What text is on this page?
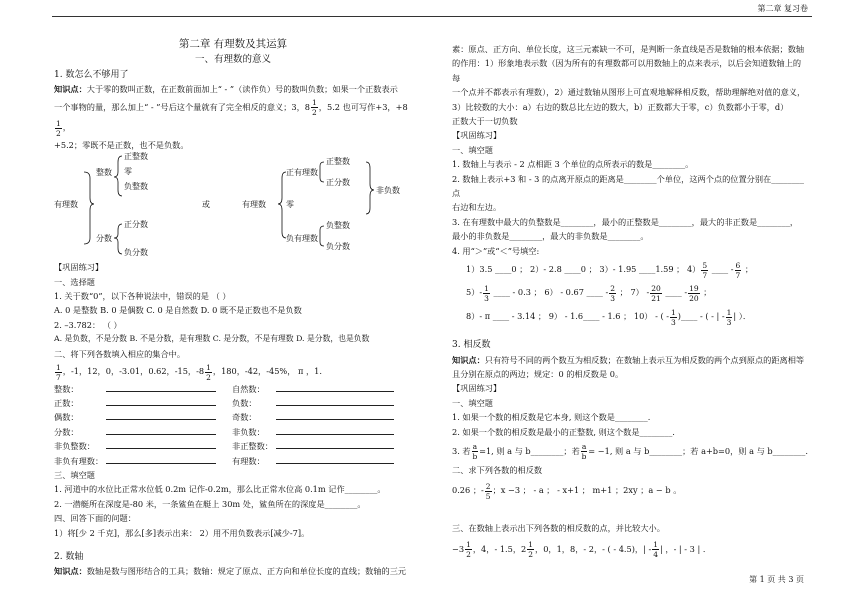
第二章 复习卷

第二章 有理数及其运算

一、有理数的意义

1. 数怎么不够用了

知识点：大于零的数叫正数，在正数前面加上“ - ”（读作负）号的数叫负数；如果一个正数表示

一个事物的量，那么加上“ - ”号后这个量就有了完全相反的意义；3，$8 \frac{1}{2}$ ，5.2 也可写作+3，+8
$\frac{1}{2}$ ，

+5.2；零既不是正数，也不是负数。

有理数
整数
正整数
零
负整数
分数
正分数
负分数
或	有理数
正有理数
零
负有理数
正整数
正分数
负整数
负分数
非负数

【巩固练习】

一、选择题

1. 关于数“0”，以下各种说法中，错误的是 （ ）

A. 0 是整数 B. 0 是偶数 C. 0 是自然数 D. 0 既不是正数也不是负数

2. –3.782： （ ）

A. 是负数，不是分数 B. 不是分数，是有理数 C. 是分数，不是有理数 D. 是分数，也是负数

二、将下列各数填入相应的集合中。

$\frac{1}{7}$ ，-1，12，0，-3.01，0.62，-15，$-8 \frac{1}{2}$ ，180，-42，-45%， π ，1.

整数：	自然数：
正数：	负数：
偶数：	奇数：
分数：	非负数：
非负整数：	非正整数：
非负有理数：	有理数：

三、填空题

1. 河道中的水位比正常水位低 0.2m 记作-0.2m，那么比正常水位高 0.1m 记作________。

2. 一潜艇所在深度是-80 米，一条鲨鱼在艇上 30m 处，鲨鱼所在的深度是________。

四、回答下面的问题：

1）将[少 2 千克]，那么[多]表示出来： 2）用不用负数表示[减少-7]。

2. 数轴

知识点：数轴是数与图形结合的工具；数轴：规定了原点、正方向和单位长度的直线；数轴的三元

素：原点、正方向、单位长度，这三元素缺一不可，是判断一条直线是否是数轴的根本依据；数轴

的作用：1）形象地表示数（因为所有的有理数都可以用数轴上的点来表示，以后会知道数轴上的每

一个点并不都表示有理数），2）通过数轴从图形上可直观地解释相反数，帮助理解绝对值的意义，

3）比较数的大小：a）右边的数总比左边的数大，b）正数都大于零，c）负数都小于零，d）

正数大于一切负数

【巩固练习】

一、填空题

1. 数轴上与表示 - 2 点相距 3 个单位的点所表示的数是________。

2. 数轴上表示+3 和 - 3 的点离开原点的距离是________个单位，这两个点的位置分别在________点

右边和左边。

3. 在有理数中最大的负整数是________，最小的正整数是________，最大的非正数是________，

最小的非负数是________，最大的非负数是________。

4. 用“＞”或“＜”号填空:

1）3.5 ____0 ； 2）- 2.8 ____0 ； 3）- 1.95 ____1.59 ； $4) \frac{5}{7}$ ____ - $\frac{6}{7}$ ；

$5)- \frac{1}{3}$ ____ - 0.3 ； 6） - 0.67 ____ - $\frac{2}{3}$ ； $7) - \frac{20}{21}$ ____ - $\frac{19}{20}$ ；

8）- π ____ - 3.14 ； 9） - 1.6____ - 1.6 ； 10） - ( - $\frac{1}{3}$ )____ - ( - | - $\frac{1}{3}$ | ）．

3. 相反数

知识点：只有符号不同的两个数互为相反数；在数轴上表示互为相反数的两个点到原点的距离相等

且分别在原点的两边；规定：0 的相反数是 0。

【巩固练习】

一、填空题

1. 如果一个数的相反数是它本身, 则这个数是________.

2. 如果一个数的相反数是最小的正整数, 则这个数是________.

3. 若 $\frac{a}{b} =1$, 则 a 与 b________；若 $\frac{a}{b} = -1$, 则 a 与 b________；若 a+b=0，则 a 与 b________.

二、求下列各数的相反数

0.26 ；- $\frac{2}{5}$ ；x −3 ； - a ； - x+1 ； m+1 ；2xy ；a − b 。

三、在数轴上表示出下列各数的相反数的点，并比较大小。

$-3 \frac{1}{2}$ ，4，- 1.5，$2 \frac{1}{2}$ ，0，1，8，- 2，- ( - 4.5)，| - $\frac{1}{4}$ | ，- | - 3 | ．

第 1 页 共 3 页
